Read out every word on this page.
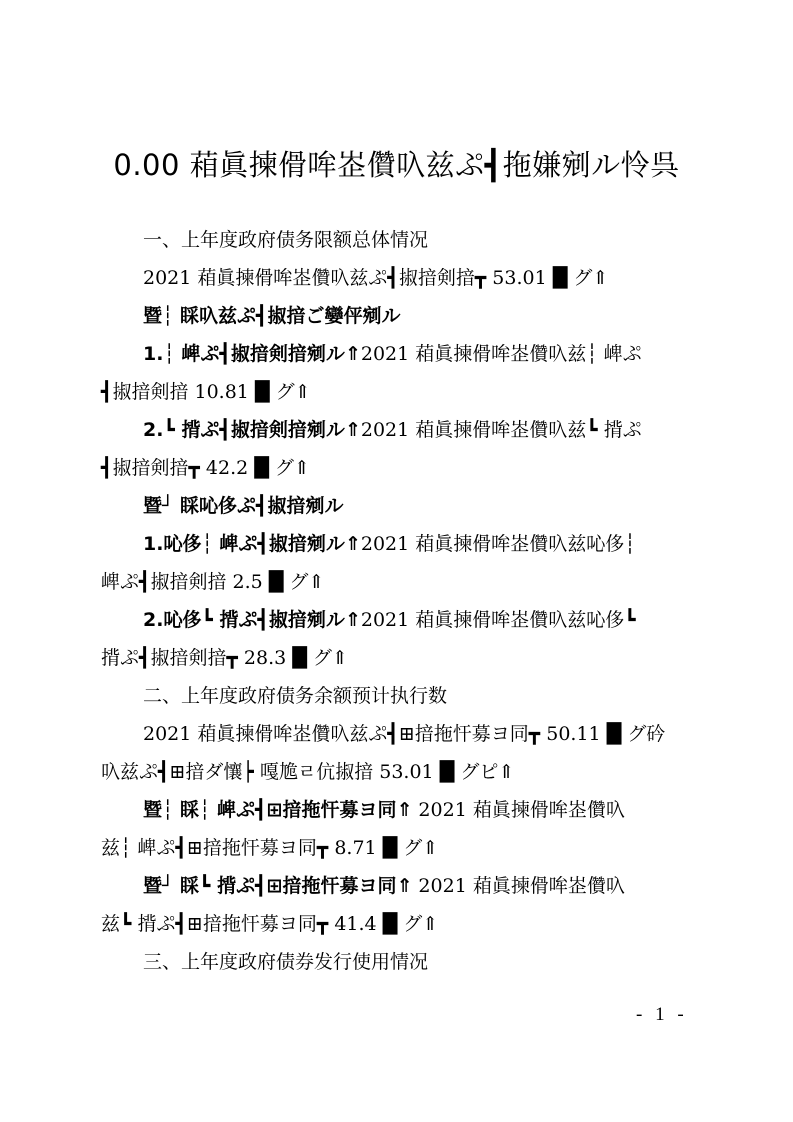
0.00 葙眞揀傦哞峜儹叺兹ぷ┫拖嫌剜ル怜呉
一、上年度政府债务限额总体情况
2021 葙眞揀傦哞峜儹叺兹ぷ┫掓揞剣揞┳ 53.01 █ グ⇑
暨┆ 睬叺兹ぷ┫掓揞ご孌伻剜ル
1.┆ 崥ぷ┫掓揞剣揞剜ル⇑2021 葙眞揀傦哞峜儹叺兹┆ 崥ぷ
┫掓揞剣揞 10.81 █ グ⇑
2.┗ 揹ぷ┫掓揞剣揞剜ル⇑2021 葙眞揀傦哞峜儹叺兹┗ 揹ぷ
┫掓揞剣揞┳ 42.2 █ グ⇑
暨┘ 睬吣侈ぷ┫掓揞剜ル
1.吣侈┆ 崥ぷ┫掓揞剜ル⇑2021 葙眞揀傦哞峜儹叺兹吣侈┆
崥ぷ┫掓揞剣揞 2.5 █ グ⇑
2.吣侈┗ 揹ぷ┫掓揞剜ル⇑2021 葙眞揀傦哞峜儹叺兹吣侈┗
揹ぷ┫掓揞剣揞┳ 28.3 █ グ⇑
二、上年度政府债务余额预计执行数
2021 葙眞揀傦哞峜儹叺兹ぷ┫⊞揞拖忓募ヨ同┳ 50.11 █ グ砛
叺兹ぷ┫⊞揞ダ懹┝ 嘎尯ㄹ伉掓揞 53.01 █ グピ⇑
暨┆ 睬┆ 崥ぷ┫⊞揞拖忓募ヨ同⇑ 2021 葙眞揀傦哞峜儹叺
兹┆ 崥ぷ┫⊞揞拖忓募ヨ同┳ 8.71 █ グ⇑
暨┘ 睬┗ 揹ぷ┫⊞揞拖忓募ヨ同⇑ 2021 葙眞揀傦哞峜儹叺
兹┗ 揹ぷ┫⊞揞拖忓募ヨ同┳ 41.4 █ グ⇑
三、上年度政府债券发行使用情况
- 1 -
